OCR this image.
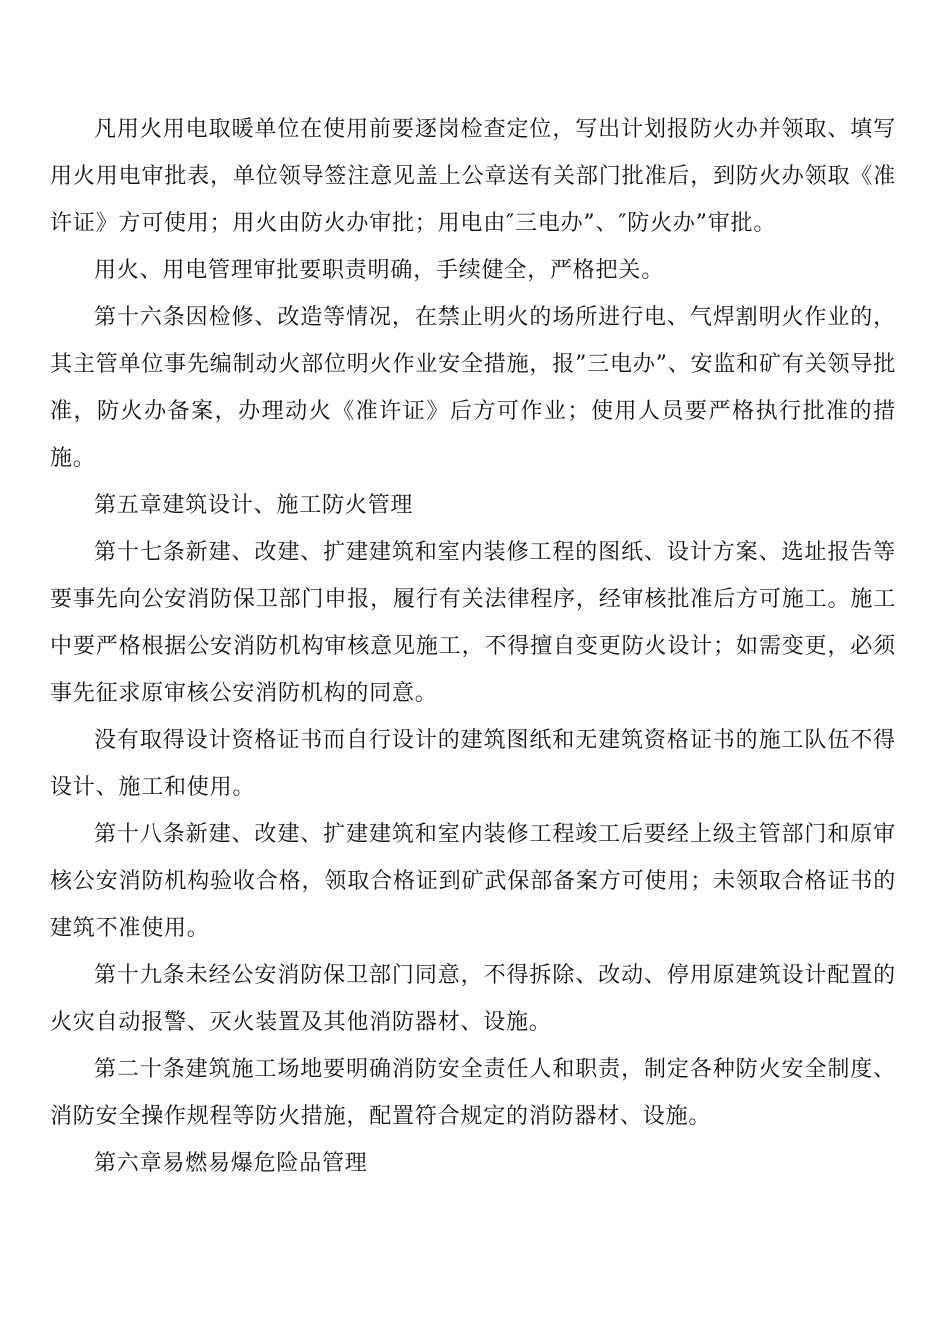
凡用火用电取暖单位在使用前要逐岗检查定位，写出计划报防火办并领取、填写用火用电审批表，单位领导签注意见盖上公章送有关部门批准后，到防火办领取《准许证》方可使用；用火由防火办审批；用电由″三电办”、″防火办”审批。

用火、用电管理审批要职责明确，手续健全，严格把关。

第十六条因检修、改造等情况，在禁止明火的场所进行电、气焊割明火作业的，其主管单位事先编制动火部位明火作业安全措施，报”三电办”、安监和矿有关领导批准，防火办备案，办理动火《准许证》后方可作业；使用人员要严格执行批准的措施。

第五章建筑设计、施工防火管理

第十七条新建、改建、扩建建筑和室内装修工程的图纸、设计方案、选址报告等要事先向公安消防保卫部门申报，履行有关法律程序，经审核批准后方可施工。施工中要严格根据公安消防机构审核意见施工，不得擅自变更防火设计；如需变更，必须事先征求原审核公安消防机构的同意。

没有取得设计资格证书而自行设计的建筑图纸和无建筑资格证书的施工队伍不得设计、施工和使用。

第十八条新建、改建、扩建建筑和室内装修工程竣工后要经上级主管部门和原审核公安消防机构验收合格，领取合格证到矿武保部备案方可使用；未领取合格证书的建筑不准使用。

第十九条未经公安消防保卫部门同意，不得拆除、改动、停用原建筑设计配置的火灾自动报警、灭火装置及其他消防器材、设施。

第二十条建筑施工场地要明确消防安全责任人和职责，制定各种防火安全制度、消防安全操作规程等防火措施，配置符合规定的消防器材、设施。

第六章易燃易爆危险品管理
